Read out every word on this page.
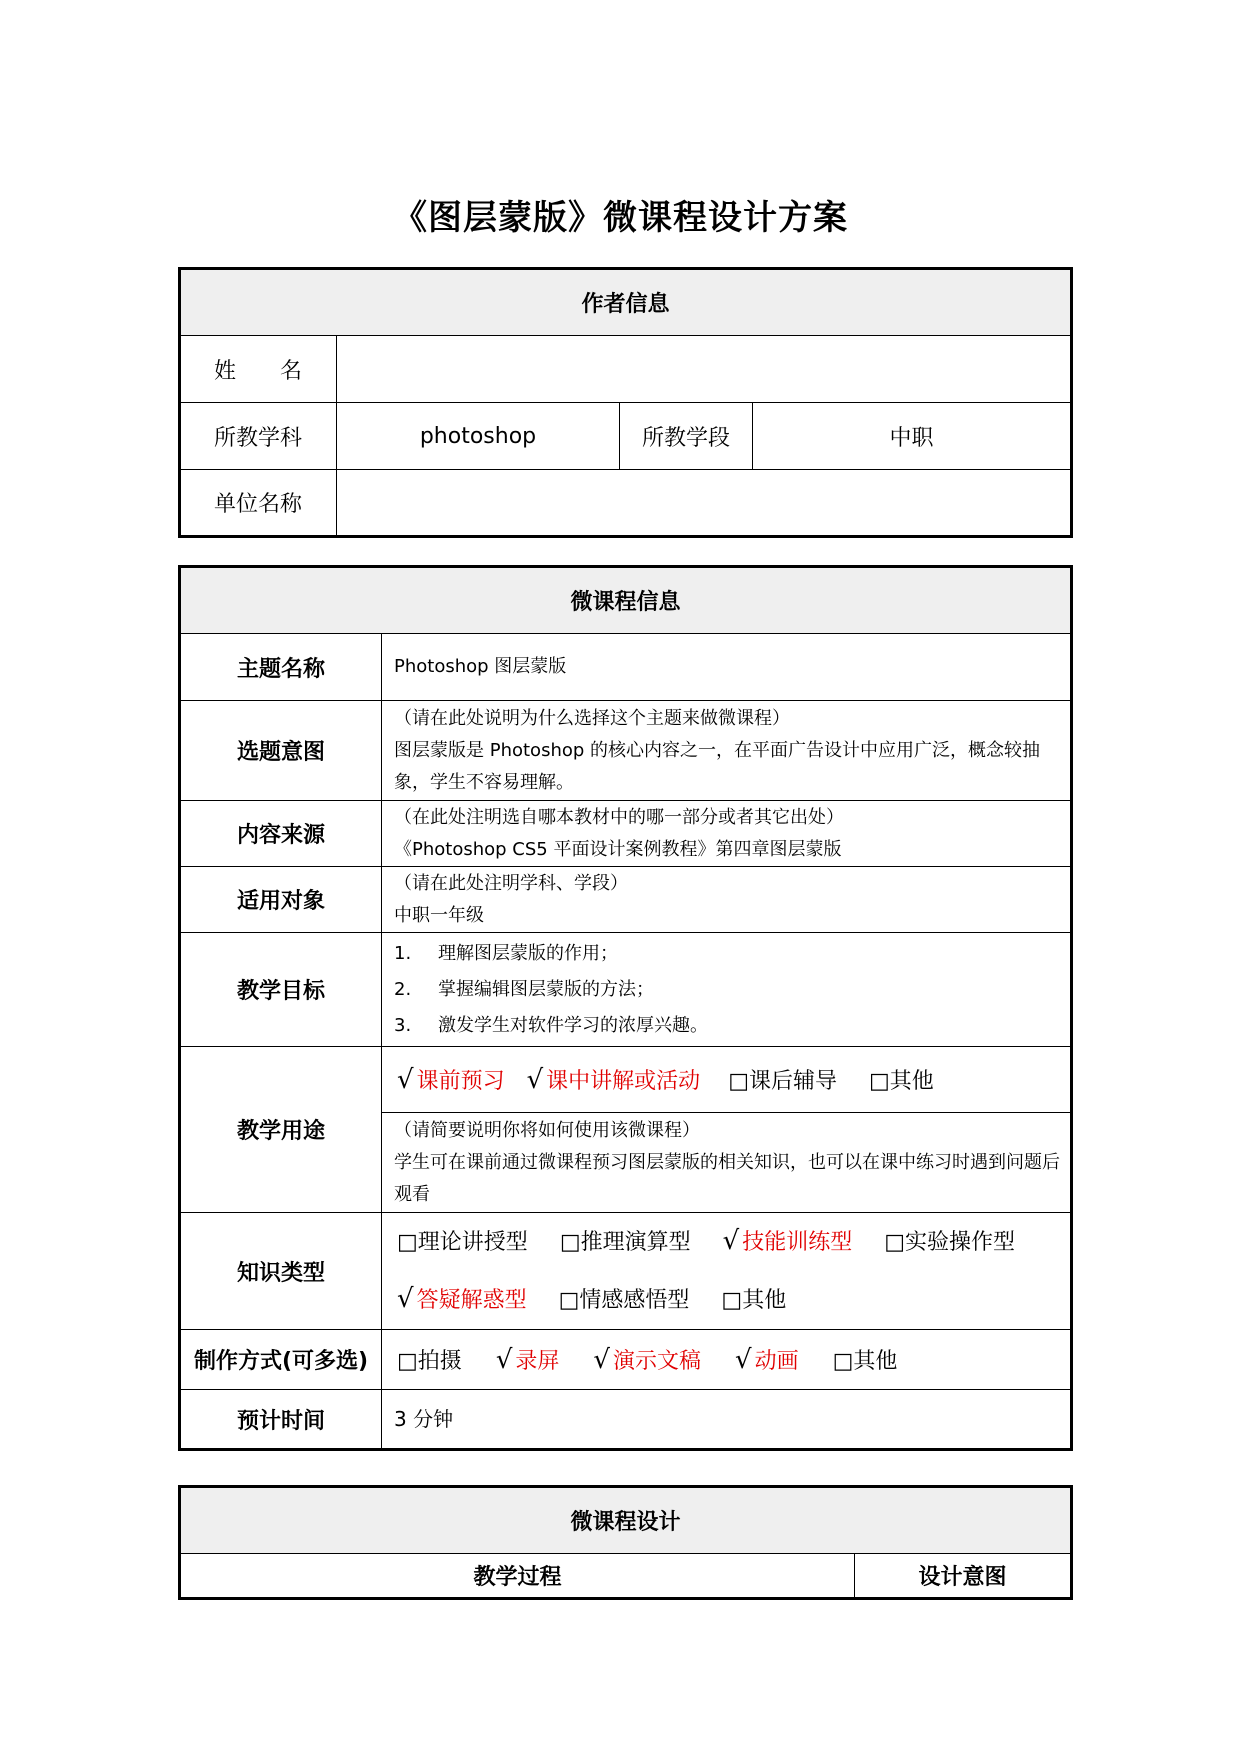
《图层蒙版》微课程设计方案
作者信息			
姓　　名			
所教学科	photoshop	所教学段	中职
单位名称			
微课程信息	
主题名称	Photoshop 图层蒙版
选题意图	（请在此处说明为什么选择这个主题来做微课程）
图层蒙版是 Photoshop 的核心内容之一，在平面广告设计中应用广泛，概念较抽象，学生不容易理解。

内容来源	（在此处注明选自哪本教材中的哪一部分或者其它出处）
《Photoshop CS5 平面设计案例教程》第四章图层蒙版

适用对象	（请在此处注明学科、学段）
中职一年级

教学目标	1. 理解图层蒙版的作用；
2. 掌握编辑图层蒙版的方法；
3. 激发学生对软件学习的浓厚兴趣。

教学用途	√ 课前预习 √ 课中讲解或活动 □课后辅导 □其他

	（请简要说明你将如何使用该微课程）
学生可在课前通过微课程预习图层蒙版的相关知识，也可以在课中练习时遇到问题后观看

知识类型	□理论讲授型 □推理演算型 √ 技能训练型 □实验操作型
√ 答疑解惑型 □情感感悟型 □其他

制作方式(可多选)	□拍摄 √ 录屏 √ 演示文稿 √ 动画 □其他
预计时间	3 分钟
微课程设计
教学过程	设计意图
